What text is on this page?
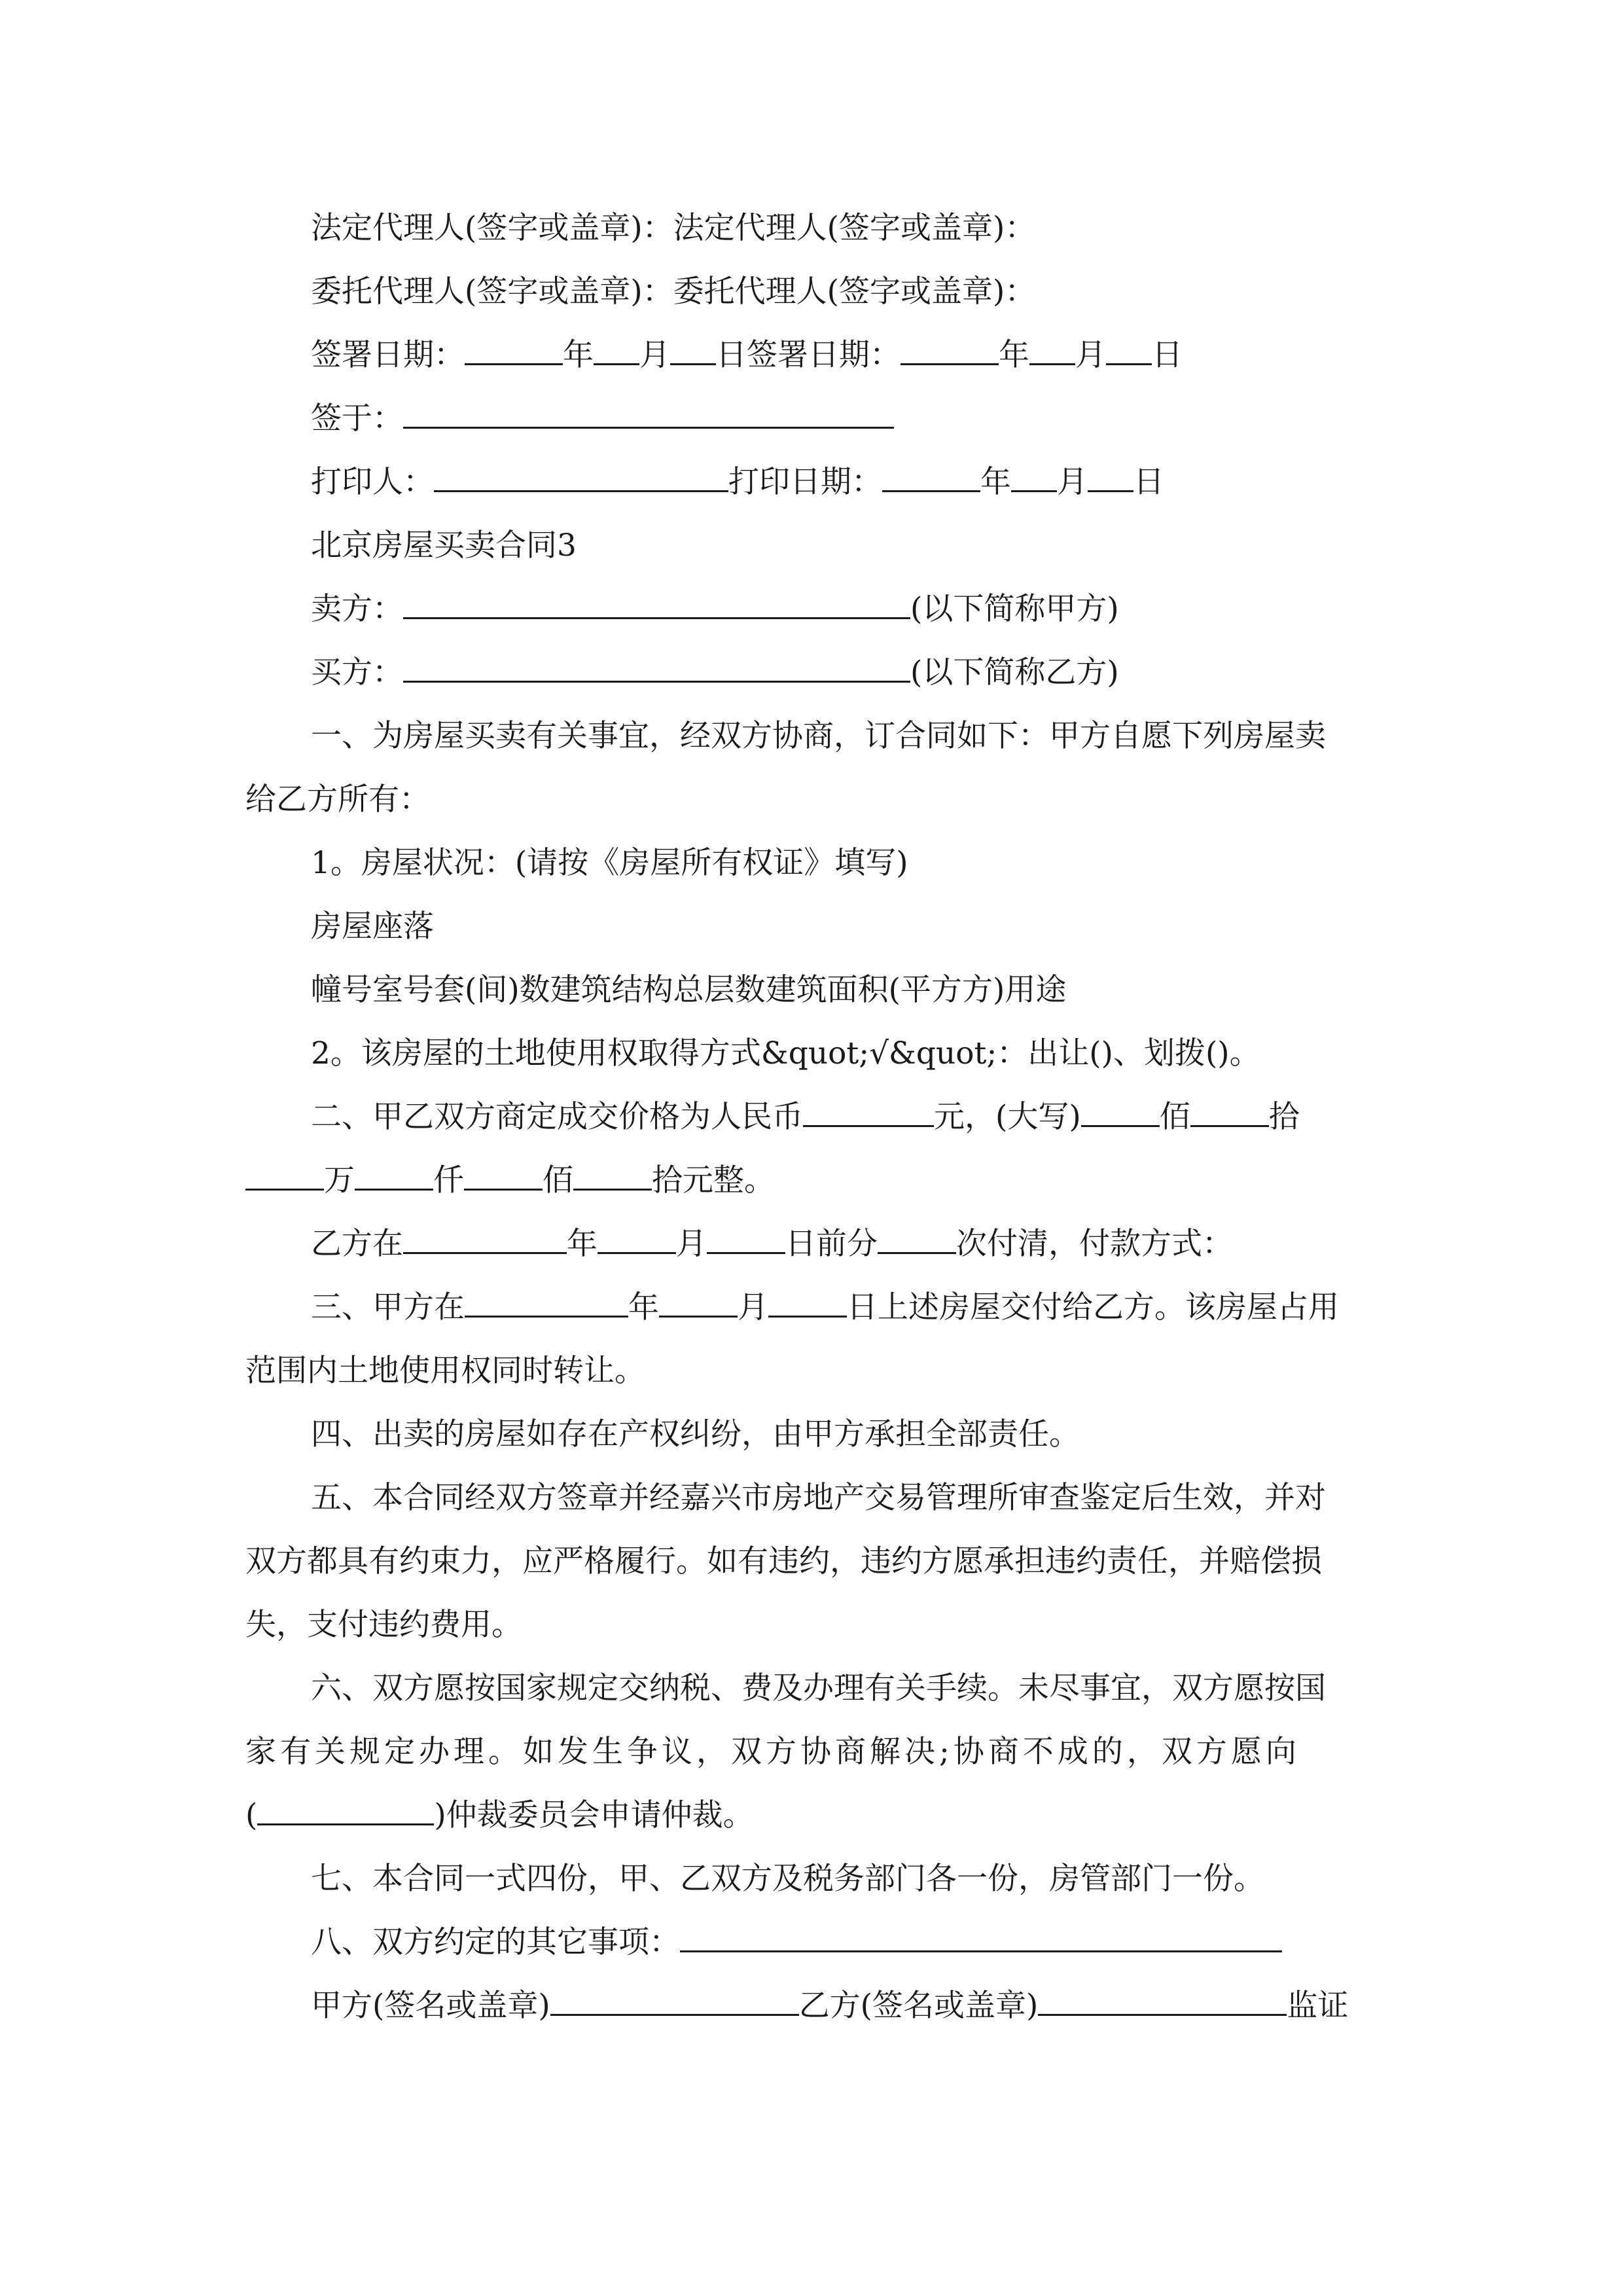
法定代理人(签字或盖章)：法定代理人(签字或盖章)：
委托代理人(签字或盖章)：委托代理人(签字或盖章)：
签署日期：	年 月 日签署日期：	年 月 日
签于：
打印人：	打印日期：	年 月 日
北京房屋买卖合同3
卖方：	(以下简称甲方)
买方：	(以下简称乙方)
一、为房屋买卖有关事宜，经双方协商，订合同如下：甲方自愿下列房屋卖
给乙方所有：
1。房屋状况：(请按《房屋所有权证》填写)
房屋座落
幢号室号套(间)数建筑结构总层数建筑面积(平方方)用途
2。该房屋的土地使用权取得方式&quot;√&quot;：出让()、划拨()。
二、甲乙双方商定成交价格为人民币	元，(大写)	佰	拾
万	仟	佰	拾元整。
乙方在	年	月	日前分	次付清，付款方式：
三、甲方在	年	月	日上述房屋交付给乙方。该房屋占用
范围内土地使用权同时转让。
四、出卖的房屋如存在产权纠纷，由甲方承担全部责任。
五、本合同经双方签章并经嘉兴市房地产交易管理所审查鉴定后生效，并对
双方都具有约束力，应严格履行。如有违约，违约方愿承担违约责任，并赔偿损
失，支付违约费用。
六、双方愿按国家规定交纳税、费及办理有关手续。未尽事宜，双方愿按国
家有关规定办理。如发生争议，双方协商解决;协商不成的，双方愿向
(	)仲裁委员会申请仲裁。
七、本合同一式四份，甲、乙双方及税务部门各一份，房管部门一份。
八、双方约定的其它事项：
甲方(签名或盖章)	乙方(签名或盖章)	监证
